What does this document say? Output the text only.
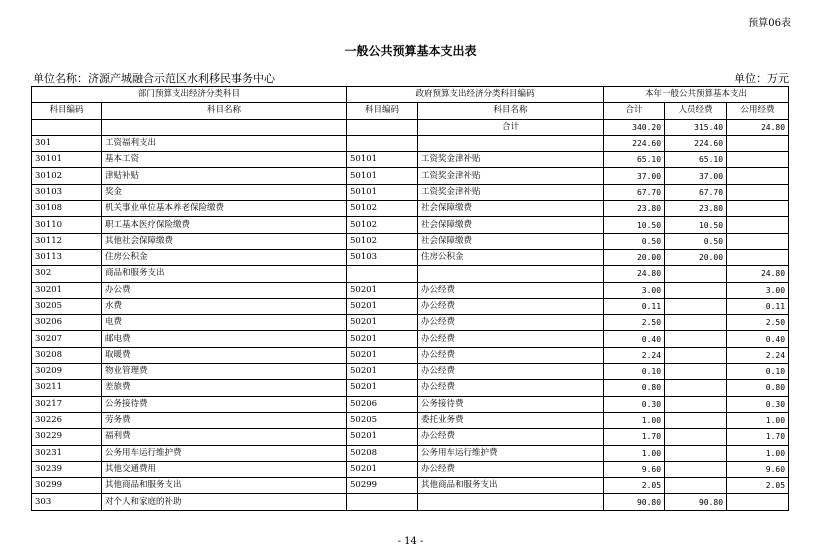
预算06表
一般公共预算基本支出表
单位名称：济源产城融合示范区水利移民事务中心	单位：万元
部门预算支出经济分类科目		政府预算支出经济分类科目编码		本年一般公共预算基本支出		
科目编码	科目名称	科目编码	科目名称	合计	人员经费	公用经费
			合计	340.20	315.40	24.80
301	工资福利支出			224.60	224.60	
30101	基本工资	50101	工资奖金津补贴	65.10	65.10	
30102	津贴补贴	50101	工资奖金津补贴	37.00	37.00	
30103	奖金	50101	工资奖金津补贴	67.70	67.70	
30108	机关事业单位基本养老保险缴费	50102	社会保障缴费	23.80	23.80	
30110	职工基本医疗保险缴费	50102	社会保障缴费	10.50	10.50	
30112	其他社会保障缴费	50102	社会保障缴费	0.50	0.50	
30113	住房公积金	50103	住房公积金	20.00	20.00	
302	商品和服务支出			24.80		24.80
30201	办公费	50201	办公经费	3.00		3.00
30205	水费	50201	办公经费	0.11		0.11
30206	电费	50201	办公经费	2.50		2.50
30207	邮电费	50201	办公经费	0.40		0.40
30208	取暖费	50201	办公经费	2.24		2.24
30209	物业管理费	50201	办公经费	0.10		0.10
30211	差旅费	50201	办公经费	0.80		0.80
30217	公务接待费	50206	公务接待费	0.30		0.30
30226	劳务费	50205	委托业务费	1.00		1.00
30229	福利费	50201	办公经费	1.70		1.70
30231	公务用车运行维护费	50208	公务用车运行维护费	1.00		1.00
30239	其他交通费用	50201	办公经费	9.60		9.60
30299	其他商品和服务支出	50299	其他商品和服务支出	2.05		2.05
303	对个人和家庭的补助			90.80	90.80	
- 14 -
